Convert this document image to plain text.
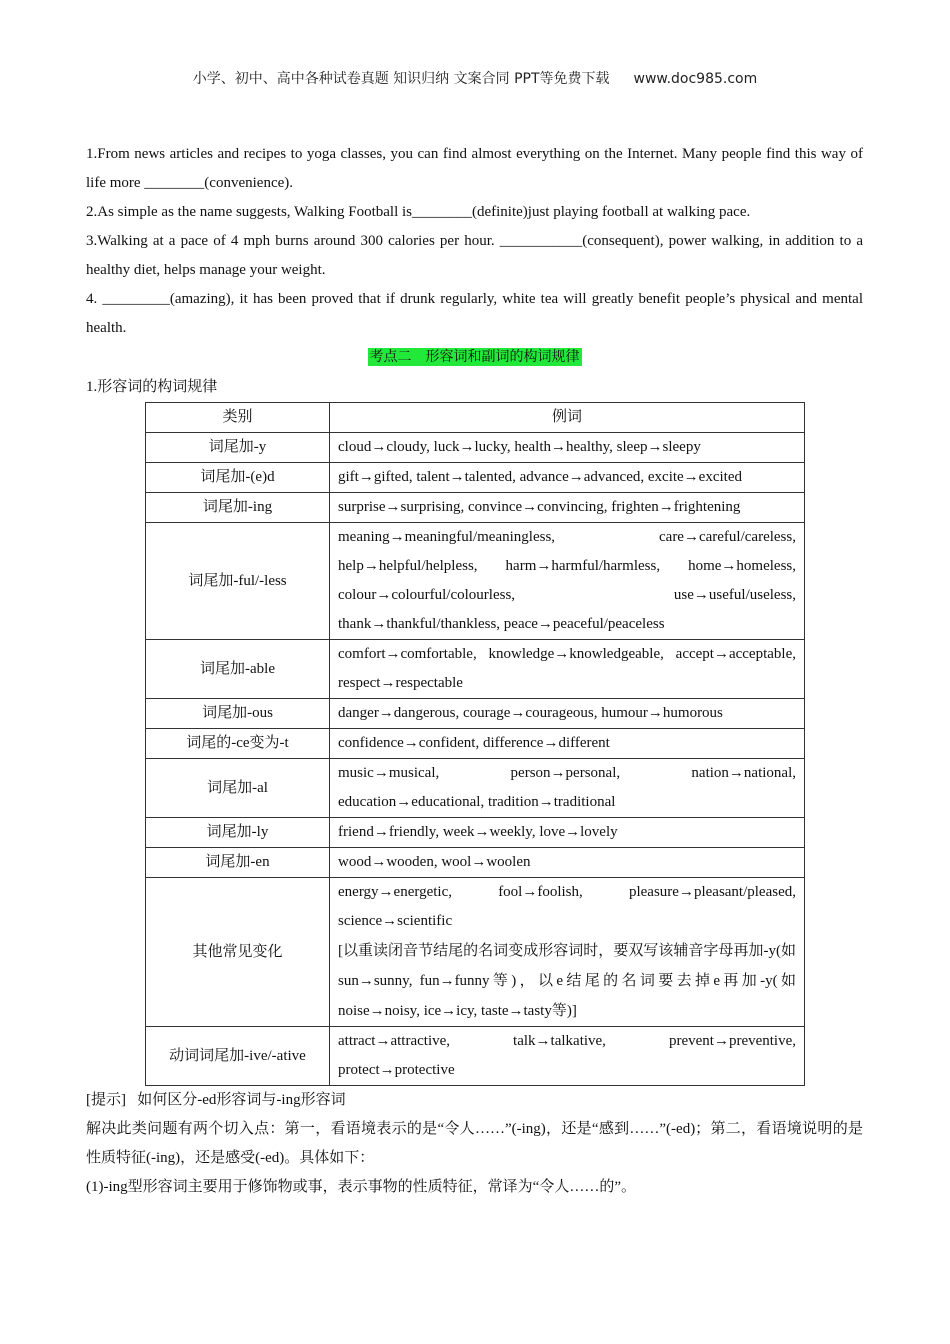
小学、初中、高中各种试卷真题 知识归纳 文案合同 PPT等免费下载 www.doc985.com

1.From news articles and recipes to yoga classes, you can find almost everything on the Internet. Many people find this way of life more ________(convenience).

2.As simple as the name suggests, Walking Football is________(definite)just playing football at walking pace.

3.Walking at a pace of 4 mph burns around 300 calories per hour. ___________(consequent), power walking, in addition to a healthy diet, helps manage your weight.

4. _________(amazing), it has been proved that if drunk regularly, white tea will greatly benefit people’s physical and mental health.

考点二　形容词和副词的构词规律

1.形容词的构词规律

类别	例词
词尾加-y	cloud→cloudy, luck→lucky, health→healthy, sleep→sleepy
词尾加-(e)d	gift→gifted, talent→talented, advance→advanced, excite→excited
词尾加-ing	surprise→surprising, convince→convincing, frighten→frightening
词尾加-ful/-less	meaning→meaningful/meaningless, care→careful/careless, help→helpful/helpless, harm→harmful/harmless, home→homeless, colour→colourful/colourless, use→useful/useless, thank→thankful/thankless, peace→peaceful/peaceless
词尾加-able	comfort→comfortable, knowledge→knowledgeable, accept→acceptable, respect→respectable
词尾加-ous	danger→dangerous, courage→courageous, humour→humorous
词尾的-ce变为-t	confidence→confident, difference→different
词尾加-al	music→musical, person→personal, nation→national, education→educational, tradition→traditional
词尾加-ly	friend→friendly, week→weekly, love→lovely
词尾加-en	wood→wooden, wool→woolen
其他常见变化	energy→energetic, fool→foolish, pleasure→pleasant/pleased, science→scientific
[以重读闭音节结尾的名词变成形容词时，要双写该辅音字母再加-y(如sun→sunny, fun→funny等)，以e结尾的名词要去掉e再加-y(如noise→noisy, ice→icy, taste→tasty等)]

动词词尾加-ive/-ative	attract→attractive, talk→talkative, prevent→preventive, protect→protective

[提示] 如何区分-ed形容词与-ing形容词

解决此类问题有两个切入点：第一，看语境表示的是“令人……”(-ing)，还是“感到……”(-ed)；第二，看语境说明的是性质特征(-ing)，还是感受(-ed)。具体如下：

(1)-ing型形容词主要用于修饰物或事，表示事物的性质特征，常译为“令人……的”。
